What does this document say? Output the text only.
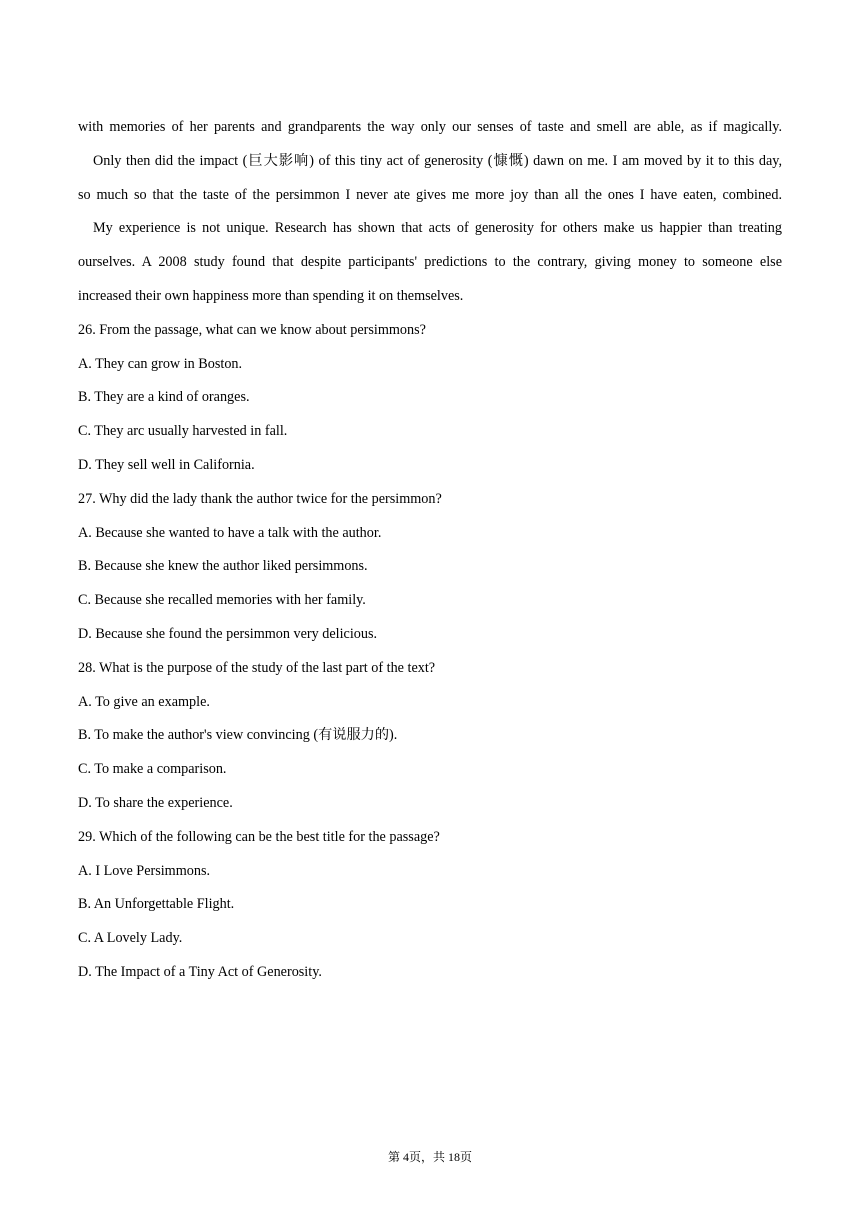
with memories of her parents and grandparents the way only our senses of taste and smell are able, as if magically.

Only then did the impact (巨大影响) of this tiny act of generosity (慷慨) dawn on me. I am moved by it to this day,

so much so that the taste of the persimmon I never ate gives me more joy than all the ones I have eaten, combined.

My experience is not unique. Research has shown that acts of generosity for others make us happier than treating

ourselves. A 2008 study found that despite participants' predictions to the contrary, giving money to someone else

increased their own happiness more than spending it on themselves.

26. From the passage, what can we know about persimmons?

A. They can grow in Boston.

B. They are a kind of oranges.

C. They arc usually harvested in fall.

D. They sell well in California.

27. Why did the lady thank the author twice for the persimmon?

A. Because she wanted to have a talk with the author.

B. Because she knew the author liked persimmons.

C. Because she recalled memories with her family.

D. Because she found the persimmon very delicious.

28. What is the purpose of the study of the last part of the text?

A. To give an example.

B. To make the author's view convincing (有说服力的).

C. To make a comparison.

D. To share the experience.

29. Which of the following can be the best title for the passage?

A. I Love Persimmons.

B. An Unforgettable Flight.

C. A Lovely Lady.

D. The Impact of a Tiny Act of Generosity.

第 4页，共 18页
